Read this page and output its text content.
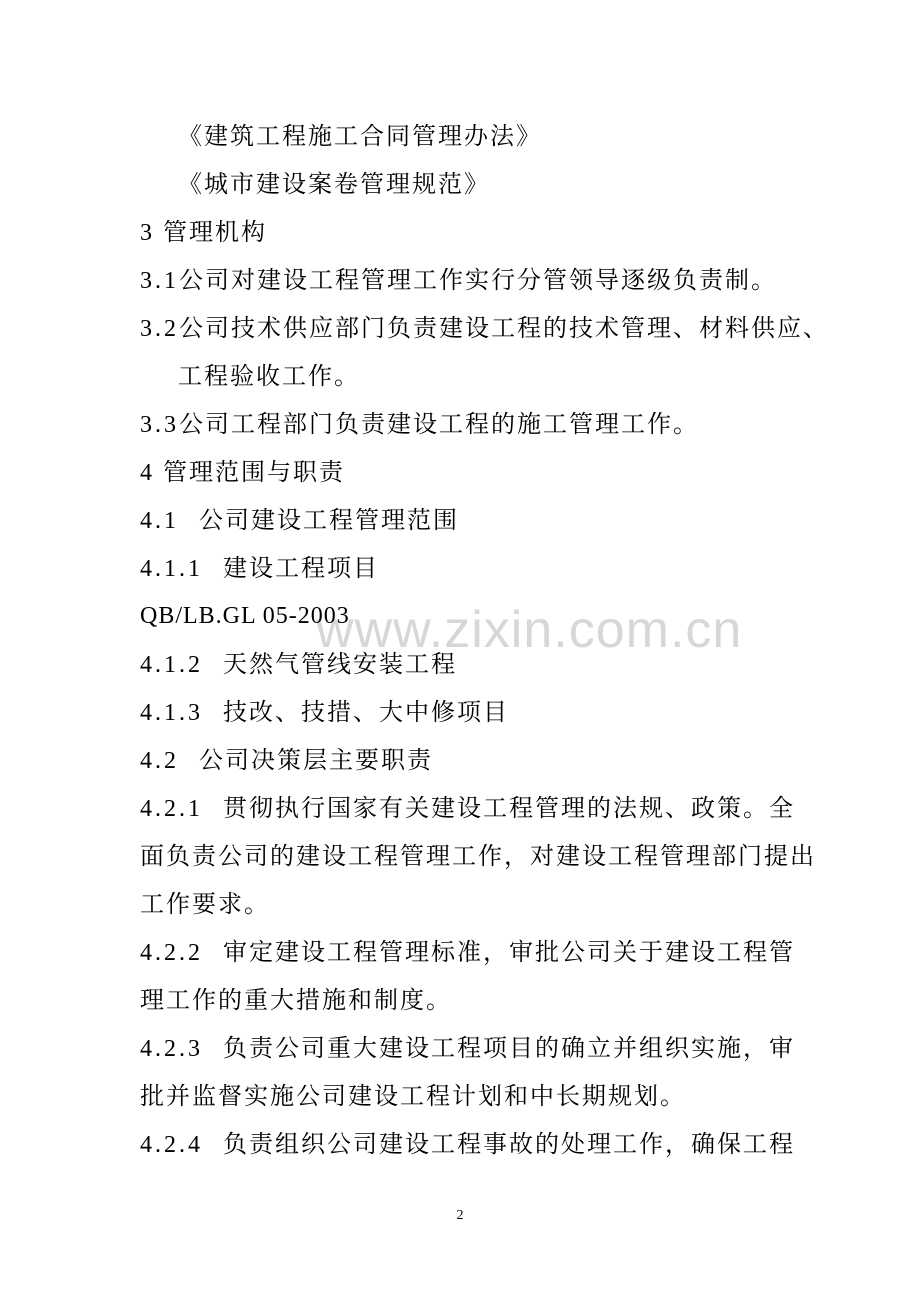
www.zixin.com.cn
《建筑工程施工合同管理办法》
《城市建设案卷管理规范》
3 管理机构
3.1公司对建设工程管理工作实行分管领导逐级负责制。
3.2公司技术供应部门负责建设工程的技术管理、材料供应、
工程验收工作。
3.3公司工程部门负责建设工程的施工管理工作。
4 管理范围与职责
4.1 公司建设工程管理范围
4.1.1 建设工程项目
QB/LB.GL 05-2003
4.1.2 天然气管线安装工程
4.1.3 技改、技措、大中修项目
4.2 公司决策层主要职责
4.2.1 贯彻执行国家有关建设工程管理的法规、政策。全
面负责公司的建设工程管理工作，对建设工程管理部门提出
工作要求。
4.2.2 审定建设工程管理标准，审批公司关于建设工程管
理工作的重大措施和制度。
4.2.3 负责公司重大建设工程项目的确立并组织实施，审
批并监督实施公司建设工程计划和中长期规划。
4.2.4 负责组织公司建设工程事故的处理工作，确保工程
2
